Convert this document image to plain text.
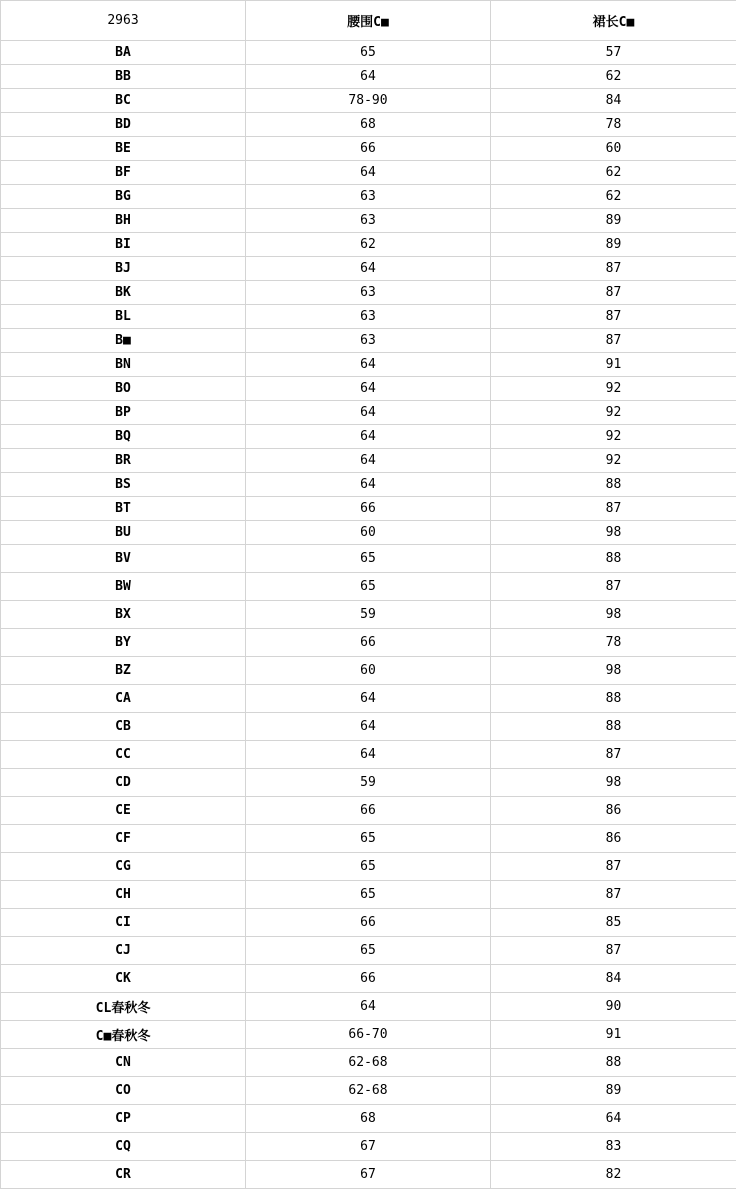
2963	腰围C■	裙长C■
BA	65	57
BB	64	62
BC	78-90	84
BD	68	78
BE	66	60
BF	64	62
BG	63	62
BH	63	89
BI	62	89
BJ	64	87
BK	63	87
BL	63	87
B■	63	87
BN	64	91
BO	64	92
BP	64	92
BQ	64	92
BR	64	92
BS	64	88
BT	66	87
BU	60	98
BV	65	88
BW	65	87
BX	59	98
BY	66	78
BZ	60	98
CA	64	88
CB	64	88
CC	64	87
CD	59	98
CE	66	86
CF	65	86
CG	65	87
CH	65	87
CI	66	85
CJ	65	87
CK	66	84
CL春秋冬	64	90
C■春秋冬	66-70	91
CN	62-68	88
CO	62-68	89
CP	68	64
CQ	67	83
CR	67	82
